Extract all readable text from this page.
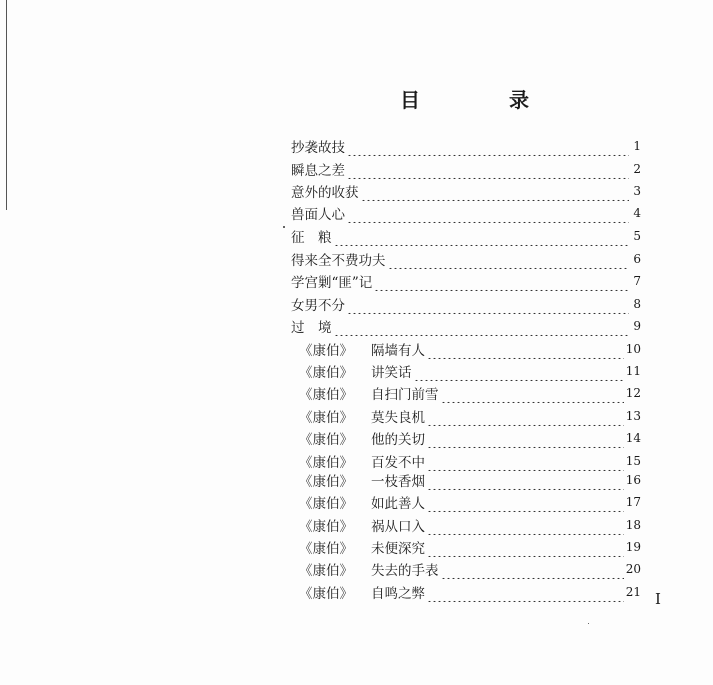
目	录
抄袭故技	1
瞬息之差	2
意外的收获	3
兽面人心	4
征　粮	5
得来全不费功夫	6
学宫剿“匪”记	7
女男不分	8
过　境	9
《康伯》	隔墙有人	10
《康伯》	讲笑话	11
《康伯》	自扫门前雪	12
《康伯》	莫失良机	13
《康伯》	他的关切	14
《康伯》	百发不中	15
《康伯》	一枝香烟	16
《康伯》	如此善人	17
《康伯》	祸从口入	18
《康伯》	未便深究	19
《康伯》	失去的手表	20
《康伯》	自鸣之弊	21 I
